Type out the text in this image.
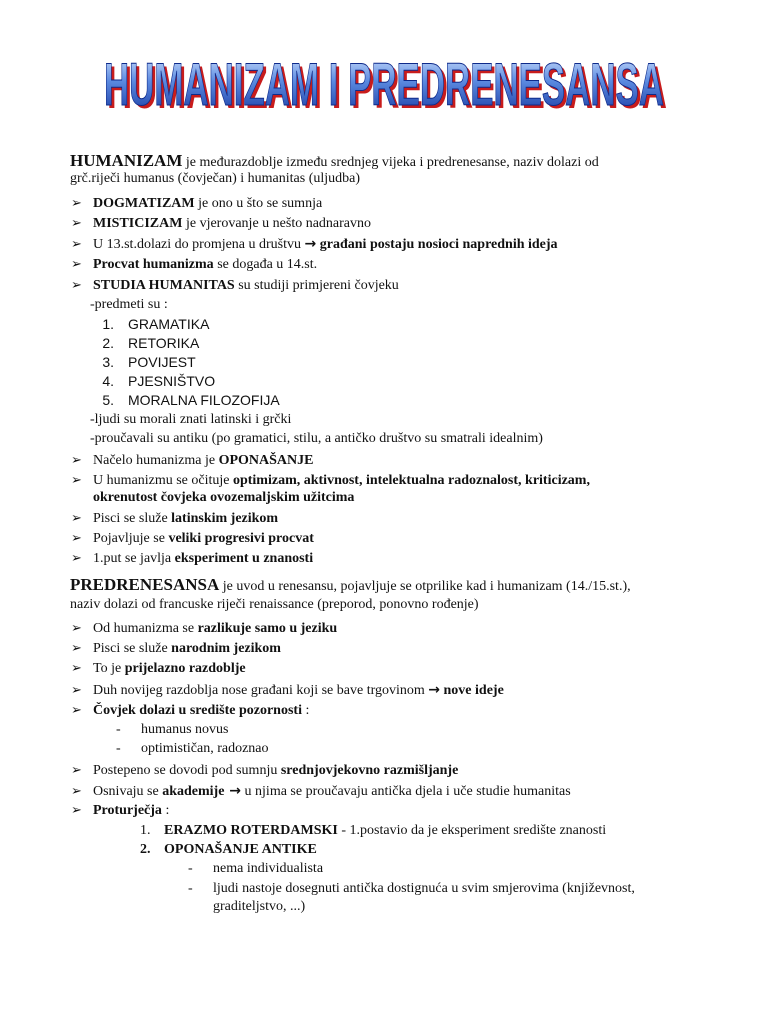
HUMANIZAM I PREDRENESANSA
HUMANIZAM I PREDRENESANSA
HUMANIZAM je međurazdoblje između srednjeg vijeka i predrenesanse, naziv dolazi od
grč.riječi humanus (čovječan) i humanitas (uljudba)
➢ DOGMATIZAM je ono u što se sumnja
➢ MISTICIZAM je vjerovanje u nešto nadnaravno
➢ U 13.st.dolazi do promjena u društvu → građani postaju nosioci naprednih ideja
➢ Procvat humanizma se događa u 14.st.
➢ STUDIA HUMANITAS su studiji primjereni čovjeku
-predmeti su :
1. GRAMATIKA
2. RETORIKA
3. POVIJEST
4. PJESNIŠTVO
5. MORALNA FILOZOFIJA
-ljudi su morali znati latinski i grčki
-proučavali su antiku (po gramatici, stilu, a antičko društvo su smatrali idealnim)
➢ Načelo humanizma je OPONAŠANJE
➢ U humanizmu se očituje optimizam, aktivnost, intelektualna radoznalost, kriticizam,
okrenutost čovjeka ovozemaljskim užitcima
➢ Pisci se služe latinskim jezikom
➢ Pojavljuje se veliki progresivi procvat
➢ 1.put se javlja eksperiment u znanosti
PREDRENESANSA je uvod u renesansu, pojavljuje se otprilike kad i humanizam (14./15.st.),
naziv dolazi od francuske riječi renaissance (preporod, ponovno rođenje)
➢ Od humanizma se razlikuje samo u jeziku
➢ Pisci se služe narodnim jezikom
➢ To je prijelazno razdoblje
➢ Duh novijeg razdoblja nose građani koji se bave trgovinom → nove ideje
➢ Čovjek dolazi u središte pozornosti :
- humanus novus
- optimističan, radoznao
➢ Postepeno se dovodi pod sumnju srednjovjekovno razmišljanje
➢ Osnivaju se akademije → u njima se proučavaju antička djela i uče studie humanitas
➢ Proturječja :
1. ERAZMO ROTERDAMSKI - 1.postavio da je eksperiment središte znanosti
2. OPONAŠANJE ANTIKE
- nema individualista
- ljudi nastoje dosegnuti antička dostignuća u svim smjerovima (književnost,
graditeljstvo, ...)
